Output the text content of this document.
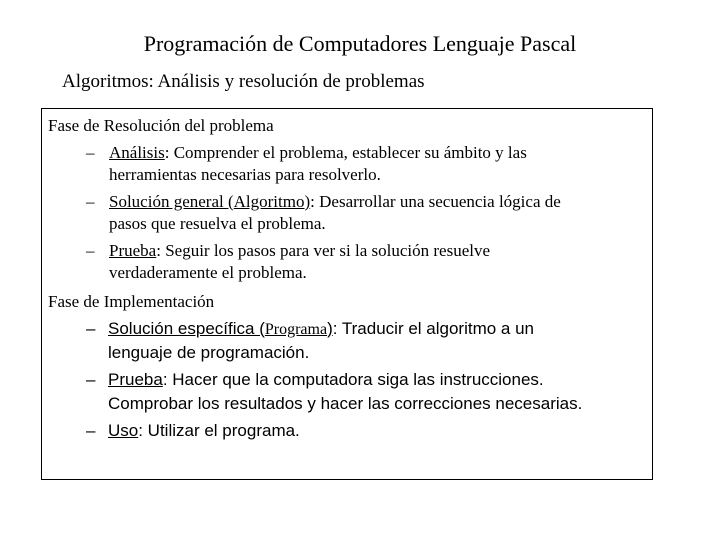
Programación de Computadores Lenguaje Pascal
Algoritmos: Análisis y resolución de problemas
Fase de Resolución del problema
– Análisis: Comprender el problema, establecer su ámbito y las
herramientas necesarias para resolverlo.
– Solución general (Algoritmo): Desarrollar una secuencia lógica de
pasos que resuelva el problema.
– Prueba: Seguir los pasos para ver si la solución resuelve
verdaderamente el problema.
Fase de Implementación
– Solución específica (Programa): Traducir el algoritmo a un
lenguaje de programación.
– Prueba: Hacer que la computadora siga las instrucciones.
Comprobar los resultados y hacer las correcciones necesarias.
– Uso: Utilizar el programa.
